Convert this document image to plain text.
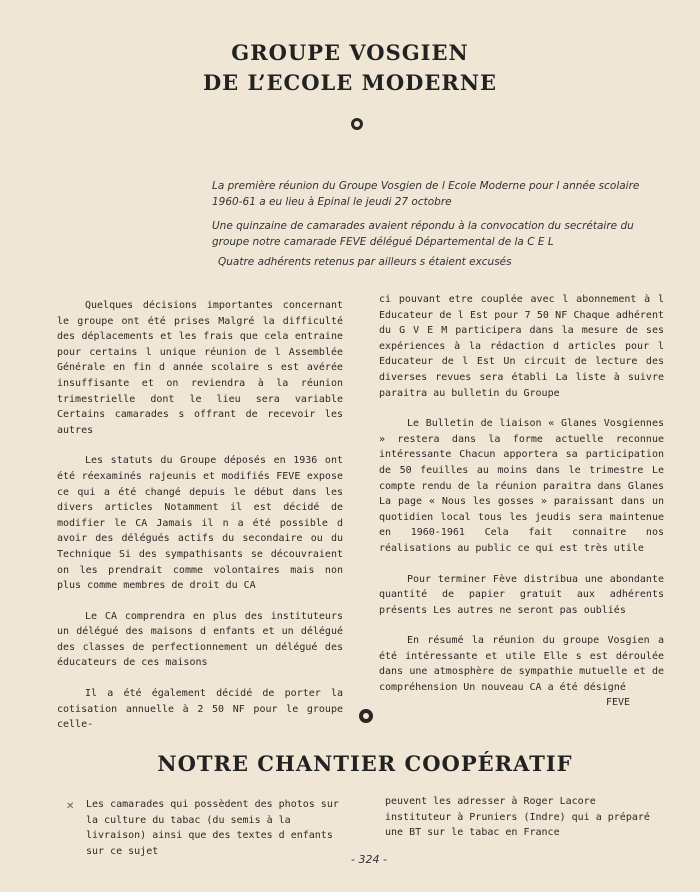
GROUPE VOSGIEN
DE L’ECOLE MODERNE
La première réunion du Groupe Vosgien de l Ecole Moderne pour l année scolaire 1960-61 a eu lieu à Epinal le jeudi 27 octobre
Une quinzaine de camarades avaient répondu à la convocation du secrétaire du groupe notre camarade FEVE délégué Départemental de la C E L
Quatre adhérents retenus par ailleurs s étaient excusés

Quelques décisions importantes concernant le groupe ont été prises Malgré la difficulté des déplacements et les frais que cela entraine pour certains l unique réunion de l Assemblée Générale en fin d année scolaire s est avérée insuffisante et on reviendra à la réunion trimestrielle dont le lieu sera variable Certains camarades s offrant de recevoir les autres

Les statuts du Groupe déposés en 1936 ont été réexaminés rajeunis et modifiés FEVE expose ce qui a été changé depuis le début dans les divers articles Notamment il est décidé de modifier le CA Jamais il n a été possible d avoir des délégués actifs du secondaire ou du Technique Si des sympathisants se découvraient on les prendrait comme volontaires mais non plus comme membres de droit du CA

Le CA comprendra en plus des instituteurs un délégué des maisons d enfants et un délégué des classes de perfectionnement un délégué des éducateurs de ces maisons

Il a été également décidé de porter la cotisation annuelle à 2 50 NF pour le groupe celle-

ci pouvant etre couplée avec l abonnement à l Educateur de l Est pour 7 50 NF Chaque adhérent du G V E M participera dans la mesure de ses expériences à la rédaction d articles pour l Educateur de l Est Un circuit de lecture des diverses revues sera établi La liste à suivre paraitra au bulletin du Groupe

Le Bulletin de liaison « Glanes Vosgiennes » restera dans la forme actuelle reconnue intéressante Chacun apportera sa participation de 50 feuilles au moins dans le trimestre Le compte rendu de la réunion paraitra dans Glanes La page « Nous les gosses » paraissant dans un quotidien local tous les jeudis sera maintenue en 1960-1961 Cela fait connaitre nos réalisations au public ce qui est très utile

Pour terminer Fève distribua une abondante quantité de papier gratuit aux adhérents présents Les autres ne seront pas oubliés

En résumé la réunion du groupe Vosgien a été intéressante et utile Elle s est déroulée dans une atmosphère de sympathie mutuelle et de compréhension Un nouveau CA a été désigné

FEVE
NOTRE CHANTIER COOPÉRATIF
✕ Les camarades qui possèdent des photos sur la culture du tabac (du semis à la livraison) ainsi que des textes d enfants sur ce sujet

peuvent les adresser à Roger Lacore instituteur à Pruniers (Indre) qui a préparé une BT sur le tabac en France

- 324 -
